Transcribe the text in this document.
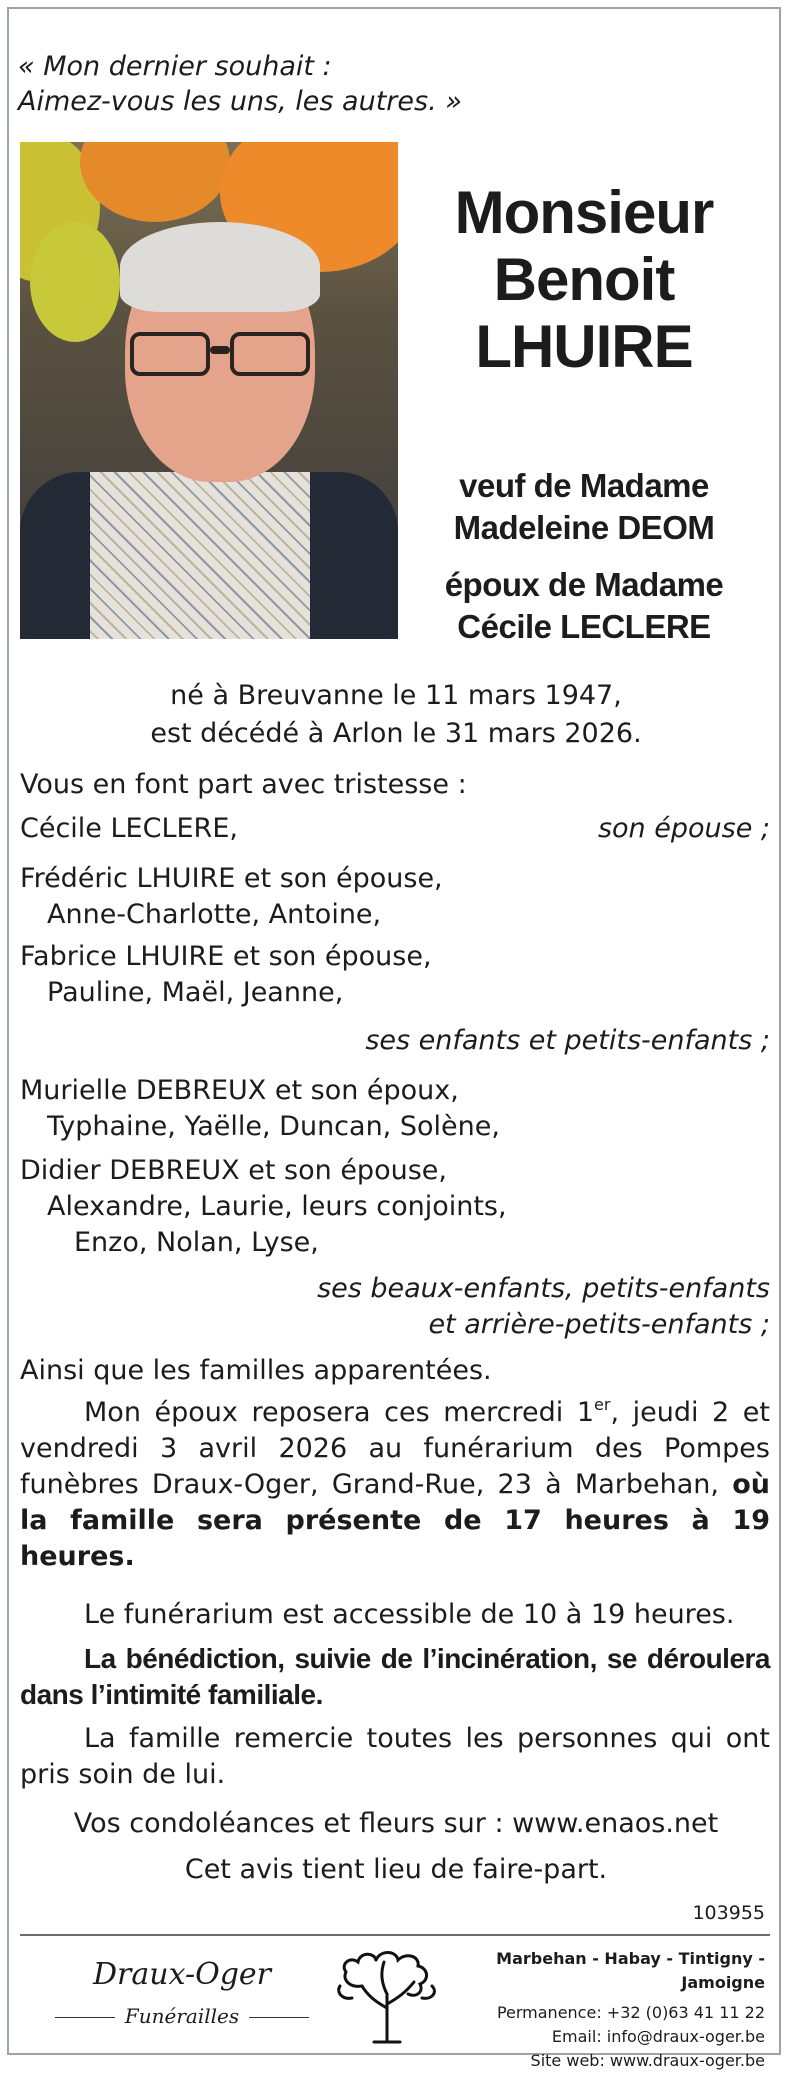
« Mon dernier souhait :
Aimez-vous les uns, les autres. »
Monsieur
Benoit
LHUIRE
veuf de Madame
Madeleine DEOM
époux de Madame
Cécile LECLERE
né à Breuvanne le 11 mars 1947,
est décédé à Arlon le 31 mars 2026.
Vous en font part avec tristesse :
Cécile LECLERE,	son épouse ;
Frédéric LHUIRE et son épouse,
Anne-Charlotte, Antoine,
Fabrice LHUIRE et son épouse,
Pauline, Maël, Jeanne,
ses enfants et petits-enfants ;
Murielle DEBREUX et son époux,
Typhaine, Yaëlle, Duncan, Solène,
Didier DEBREUX et son épouse,
Alexandre, Laurie, leurs conjoints,
Enzo, Nolan, Lyse,
ses beaux-enfants, petits-enfants
et arrière-petits-enfants ;
Ainsi que les familles apparentées.
Mon époux reposera ces mercredi 1er, jeudi 2 et vendredi 3 avril 2026 au funérarium des Pompes funèbres Draux-Oger, Grand-Rue, 23 à Marbehan, où la famille sera présente de 17 heures à 19 heures.
Le funérarium est accessible de 10 à 19 heures.
La bénédiction, suivie de l’incinération, se déroulera dans l’intimité familiale.
La famille remercie toutes les personnes qui ont pris soin de lui.
Vos condoléances et fleurs sur : www.enaos.net
Cet avis tient lieu de faire-part.
103955
Draux-Oger
Funérailles
Marbehan - Habay - Tintigny - Jamoigne
Permanence: +32 (0)63 41 11 22
Email: info@draux-oger.be
Site web: www.draux-oger.be
